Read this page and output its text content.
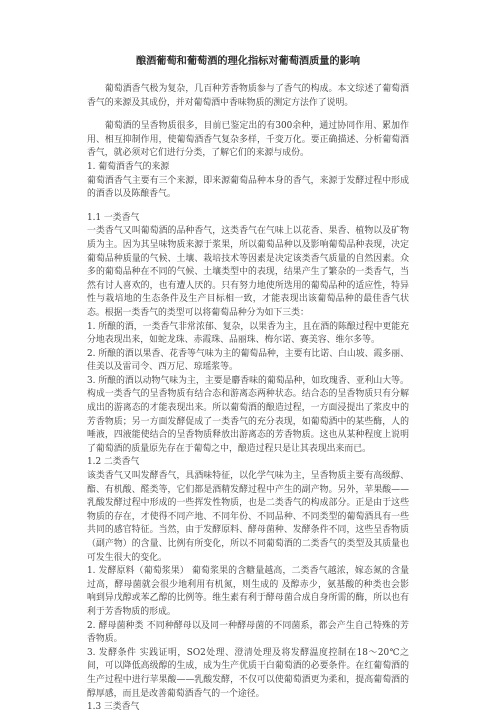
酿酒葡萄和葡萄酒的理化指标对葡萄酒质量的影响

葡萄酒香气极为复杂，几百种芳香物质参与了香气的构成。本文综述了葡萄酒香气的来源及其成份，并对葡萄酒中香味物质的测定方法作了说明。

葡萄酒的呈香物质很多，目前已鉴定出的有300余种，通过协同作用、累加作用、相互抑制作用，使葡萄酒香气复杂多样，千变万化。要正确描述、分析葡萄酒香气，就必须对它们进行分类，了解它们的来源与成份。

1. 葡萄酒香气的来源

葡萄酒香气主要有三个来源，即来源葡萄品种本身的香气，来源于发酵过程中形成的酒香以及陈酿香气。

1.1 一类香气

一类香气又叫葡萄酒的品种香气，这类香气在气味上以花香、果香、植物以及矿物质为主。因为其呈味物质来源于浆果，所以葡萄品种以及影响葡萄品种表现，决定葡萄品种质量的气候、土壤、栽培技术等因素是决定该类香气质量的自然因素。众多的葡萄品种在不同的气候、土壤类型中的表现，结果产生了繁杂的一类香气，当然有讨人喜欢的，也有遭人厌的。只有努力地使所选用的葡萄品种的适应性，特异性与栽培地的生态条件及生产目标相一致，才能表现出该葡萄品种的最佳香气状态。根据一类香气的类型可以将葡萄品种分为如下三类：

1. 所酿的酒，一类香气非常浓郁、复杂，以果香为主，且在酒的陈酿过程中更能充分地表现出来，如蛇龙珠、赤霞珠、品丽珠、梅尔诺、赛美容、维尔多等。

2. 所酿的酒以果香、花香等气味为主的葡萄品种，主要有比诺、白山坡、霞多丽、佳美以及雷司令、西万尼、琼瑶浆等。

3. 所酿的酒以动物气味为主，主要是麝香味的葡萄品种，如玫瑰香、亚利山大等。

构成一类香气的呈香物质有结合态和游离态两种状态。结合态的呈香物质只有分解成出的游离态的才能表现出来。所以葡萄酒的酿造过程，一方面浸提出了浆皮中的芳香物质；另一方面发酵促成了一类香气的充分表现，如葡萄酒中的某些酶，人的唾液，四液能使结合的呈香物质释放出游离态的芳香物质。这也从某种程度上说明了葡萄酒的质量原先存在于葡萄之中，酿造过程只是让其表现出来而已。

1.2 二类香气

该类香气又叫发酵香气，具酒味特征，以化学气味为主，呈香物质主要有高级醇、酯、有机酸、醛类等，它们都是酒精发酵过程中产生的副产物。另外，苹果酸——乳酸发酵过程中形成的一些挥发性物质，也是二类香气的构成部分。正是由于这些物质的存在，才使得不同产地、不同年份、不同品种、不同类型的葡萄酒具有一些共同的感官特征。当然，由于发酵原料、酵母菌种、发酵条件不同，这些呈香物质（副产物）的含量、比例有所变化，所以不同葡萄酒的二类香气的类型及其质量也可发生很大的变化。

1. 发酵原料（葡萄浆果） 葡萄浆果的含糖量越高，二类香气越浓，嫁态氮的含量过高，酵母菌就会很少地利用有机氮，则生成的 及醇赤少，氨基酸的种类也会影响到异戊醇或苯乙醇的比例等。维生素有利于酵母菌合成自身所需的酶，所以也有利于芳香物质的形成。

2. 酵母菌种类 不同种酵母以及同一种酵母菌的不同菌系，都会产生自己特殊的芳香物质。

3. 发酵条件 实践证明，SO2处理、澄清处理及将发酵温度控制在18～20℃之间，可以降低高级醇的生成，成为生产优质干白葡萄酒的必要条件。在红葡萄酒的生产过程中进行苹果酸——乳酸发酵，不仅可以使葡萄酒更为柔和，提高葡萄酒的醇厚感，而且是改善葡萄酒香气的一个途径。

1.3 三类香气
